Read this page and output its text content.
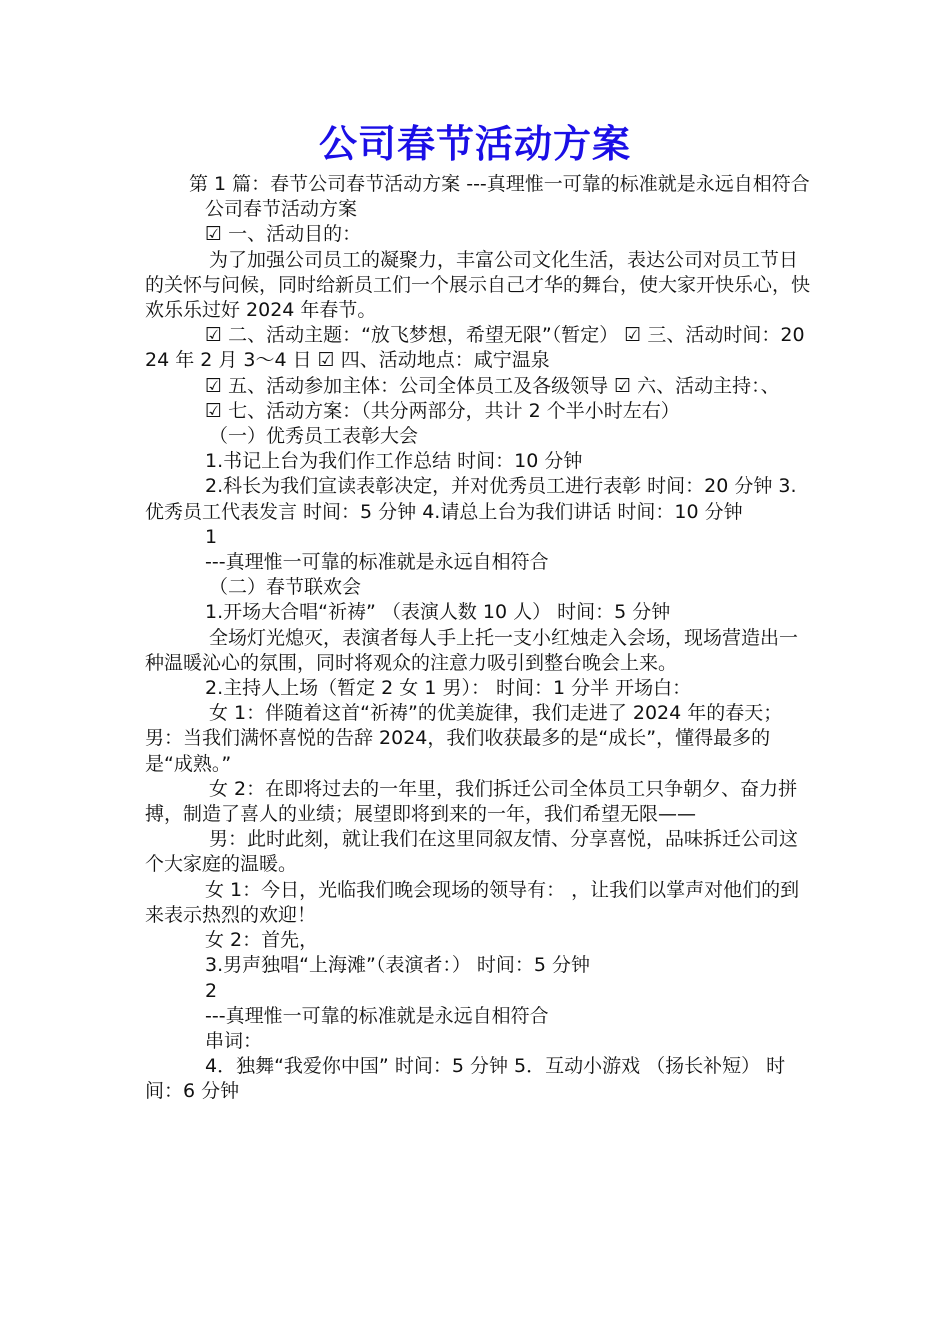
公司春节活动方案

第 1 篇：春节公司春节活动方案 ---真理惟一可靠的标准就是永远自相符合

公司春节活动方案

☑ 一、活动目的：

为了加强公司员工的凝聚力，丰富公司文化生活，表达公司对员工节日的关怀与问候，同时给新员工们一个展示自己才华的舞台，使大家开快乐心，快欢乐乐过好 2024 年春节。

☑ 二、活动主题：“放飞梦想，希望无限”（暂定） ☑ 三、活动时间：2024 年 2 月 3～4 日 ☑ 四、活动地点：咸宁温泉

☑ 五、活动参加主体：公司全体员工及各级领导 ☑ 六、活动主持：、

☑ 七、活动方案：（共分两部分，共计 2 个半小时左右）

（一）优秀员工表彰大会

1.书记上台为我们作工作总结 时间：10 分钟

2.科长为我们宣读表彰决定，并对优秀员工进行表彰 时间：20 分钟 3.优秀员工代表发言 时间：5 分钟 4.请总上台为我们讲话 时间：10 分钟

1

---真理惟一可靠的标准就是永远自相符合

（二）春节联欢会

1.开场大合唱“祈祷” （表演人数 10 人） 时间：5 分钟

全场灯光熄灭，表演者每人手上托一支小红烛走入会场，现场营造出一种温暖沁心的氛围，同时将观众的注意力吸引到整台晚会上来。

2.主持人上场（暂定 2 女 1 男）： 时间：1 分半 开场白：

女 1：伴随着这首“祈祷”的优美旋律，我们走进了 2024 年的春天； 男：当我们满怀喜悦的告辞 2024，我们收获最多的是“成长”，懂得最多的是“成熟。”

女 2：在即将过去的一年里，我们拆迁公司全体员工只争朝夕、奋力拼搏，制造了喜人的业绩；展望即将到来的一年，我们希望无限——

男：此时此刻，就让我们在这里同叙友情、分享喜悦，品味拆迁公司这个大家庭的温暖。

女 1：今日，光临我们晚会现场的领导有： ，让我们以掌声对他们的到来表示热烈的欢迎！

女 2：首先，

3.男声独唱“上海滩”（表演者：） 时间：5 分钟

2

---真理惟一可靠的标准就是永远自相符合

串词：

4．独舞“我爱你中国” 时间：5 分钟 5．互动小游戏 （扬长补短） 时间：6 分钟
